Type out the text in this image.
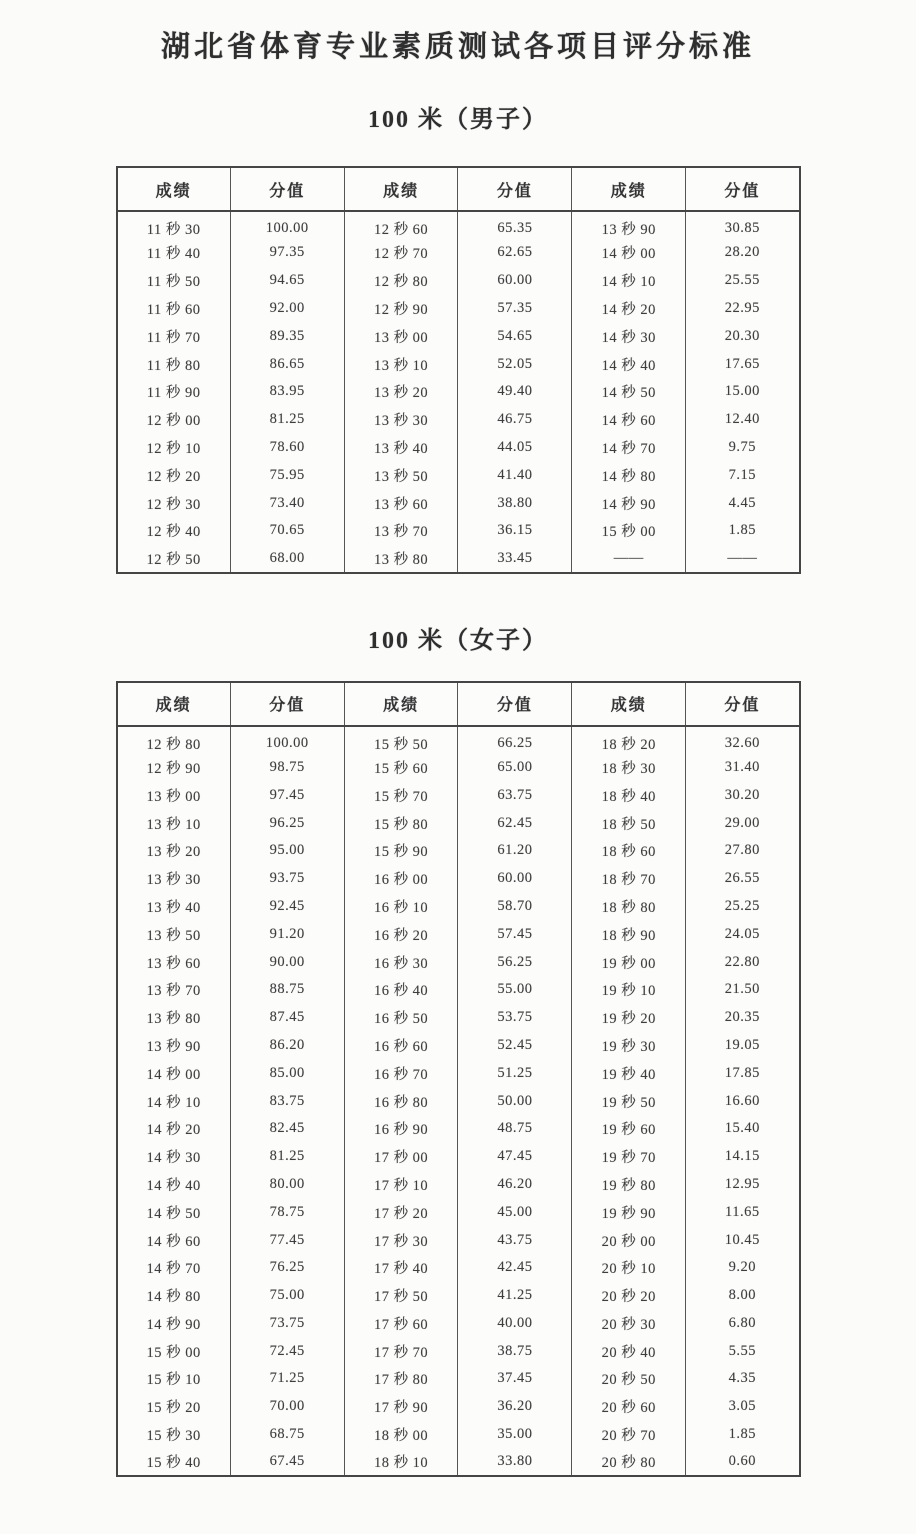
湖北省体育专业素质测试各项目评分标准
100 米（男子）
成绩	分值	成绩	分值	成绩	分值
11 秒 30	100.00	12 秒 60	65.35	13 秒 90	30.85
11 秒 40	97.35	12 秒 70	62.65	14 秒 00	28.20
11 秒 50	94.65	12 秒 80	60.00	14 秒 10	25.55
11 秒 60	92.00	12 秒 90	57.35	14 秒 20	22.95
11 秒 70	89.35	13 秒 00	54.65	14 秒 30	20.30
11 秒 80	86.65	13 秒 10	52.05	14 秒 40	17.65
11 秒 90	83.95	13 秒 20	49.40	14 秒 50	15.00
12 秒 00	81.25	13 秒 30	46.75	14 秒 60	12.40
12 秒 10	78.60	13 秒 40	44.05	14 秒 70	9.75
12 秒 20	75.95	13 秒 50	41.40	14 秒 80	7.15
12 秒 30	73.40	13 秒 60	38.80	14 秒 90	4.45
12 秒 40	70.65	13 秒 70	36.15	15 秒 00	1.85
12 秒 50	68.00	13 秒 80	33.45	——	——
100 米（女子）
成绩	分值	成绩	分值	成绩	分值
12 秒 80	100.00	15 秒 50	66.25	18 秒 20	32.60
12 秒 90	98.75	15 秒 60	65.00	18 秒 30	31.40
13 秒 00	97.45	15 秒 70	63.75	18 秒 40	30.20
13 秒 10	96.25	15 秒 80	62.45	18 秒 50	29.00
13 秒 20	95.00	15 秒 90	61.20	18 秒 60	27.80
13 秒 30	93.75	16 秒 00	60.00	18 秒 70	26.55
13 秒 40	92.45	16 秒 10	58.70	18 秒 80	25.25
13 秒 50	91.20	16 秒 20	57.45	18 秒 90	24.05
13 秒 60	90.00	16 秒 30	56.25	19 秒 00	22.80
13 秒 70	88.75	16 秒 40	55.00	19 秒 10	21.50
13 秒 80	87.45	16 秒 50	53.75	19 秒 20	20.35
13 秒 90	86.20	16 秒 60	52.45	19 秒 30	19.05
14 秒 00	85.00	16 秒 70	51.25	19 秒 40	17.85
14 秒 10	83.75	16 秒 80	50.00	19 秒 50	16.60
14 秒 20	82.45	16 秒 90	48.75	19 秒 60	15.40
14 秒 30	81.25	17 秒 00	47.45	19 秒 70	14.15
14 秒 40	80.00	17 秒 10	46.20	19 秒 80	12.95
14 秒 50	78.75	17 秒 20	45.00	19 秒 90	11.65
14 秒 60	77.45	17 秒 30	43.75	20 秒 00	10.45
14 秒 70	76.25	17 秒 40	42.45	20 秒 10	9.20
14 秒 80	75.00	17 秒 50	41.25	20 秒 20	8.00
14 秒 90	73.75	17 秒 60	40.00	20 秒 30	6.80
15 秒 00	72.45	17 秒 70	38.75	20 秒 40	5.55
15 秒 10	71.25	17 秒 80	37.45	20 秒 50	4.35
15 秒 20	70.00	17 秒 90	36.20	20 秒 60	3.05
15 秒 30	68.75	18 秒 00	35.00	20 秒 70	1.85
15 秒 40	67.45	18 秒 10	33.80	20 秒 80	0.60
